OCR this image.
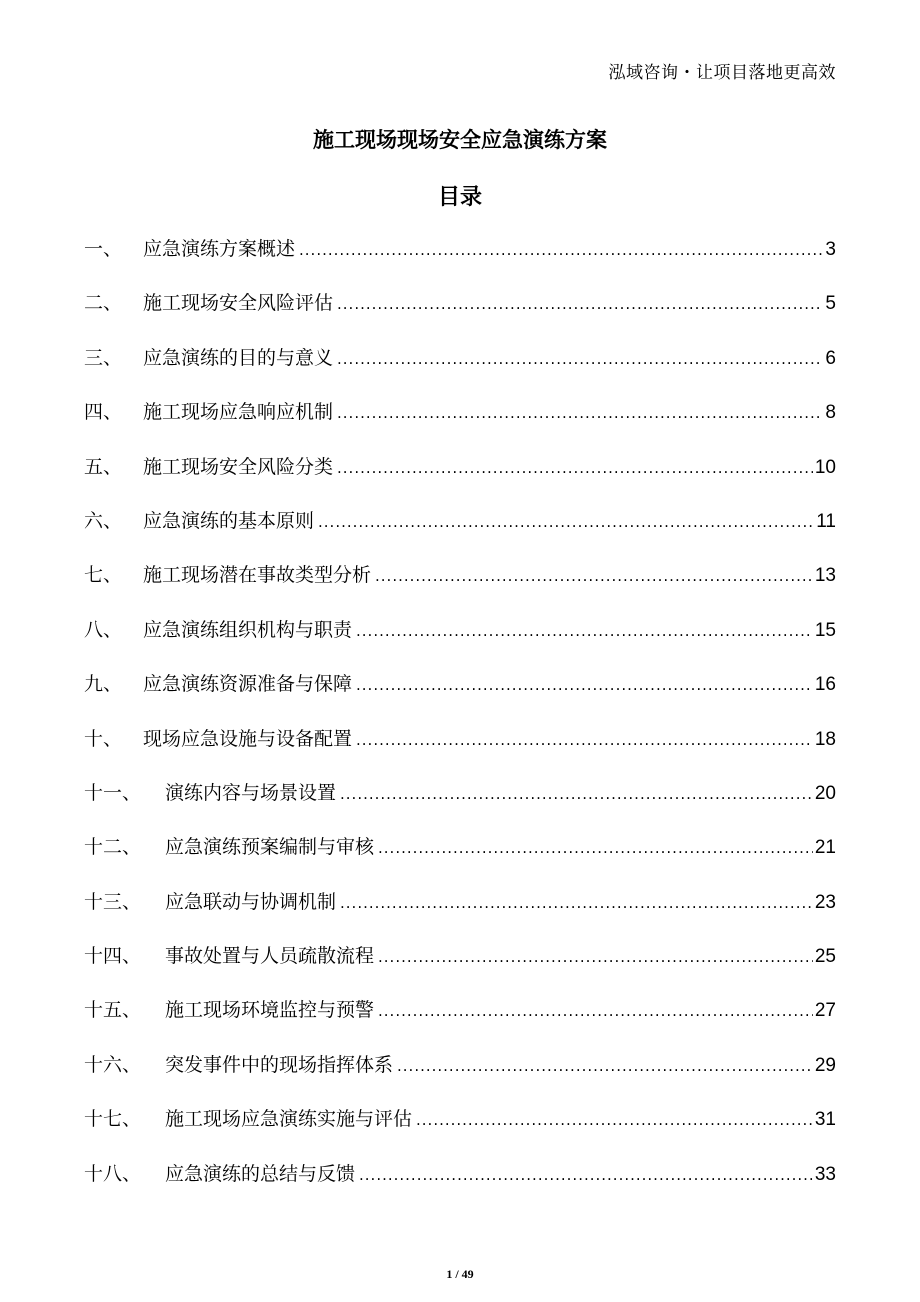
泓域咨询・让项目落地更高效
施工现场现场安全应急演练方案
目录
一、	应急演练方案概述 .....	3
二、	施工现场安全风险评估 .....	5
三、	应急演练的目的与意义 .....	6
四、	施工现场应急响应机制 .....	8
五、	施工现场安全风险分类 .....	10
六、	应急演练的基本原则 .....	11
七、	施工现场潜在事故类型分析 .....	13
八、	应急演练组织机构与职责 .....	15
九、	应急演练资源准备与保障 .....	16
十、	现场应急设施与设备配置 .....	18
十一、	演练内容与场景设置 .....	20
十二、	应急演练预案编制与审核 .....	21
十三、	应急联动与协调机制 .....	23
十四、	事故处置与人员疏散流程 .....	25
十五、	施工现场环境监控与预警 .....	27
十六、	突发事件中的现场指挥体系 .....	29
十七、	施工现场应急演练实施与评估 .....	31
十八、	应急演练的总结与反馈 .....	33
1 / 49
